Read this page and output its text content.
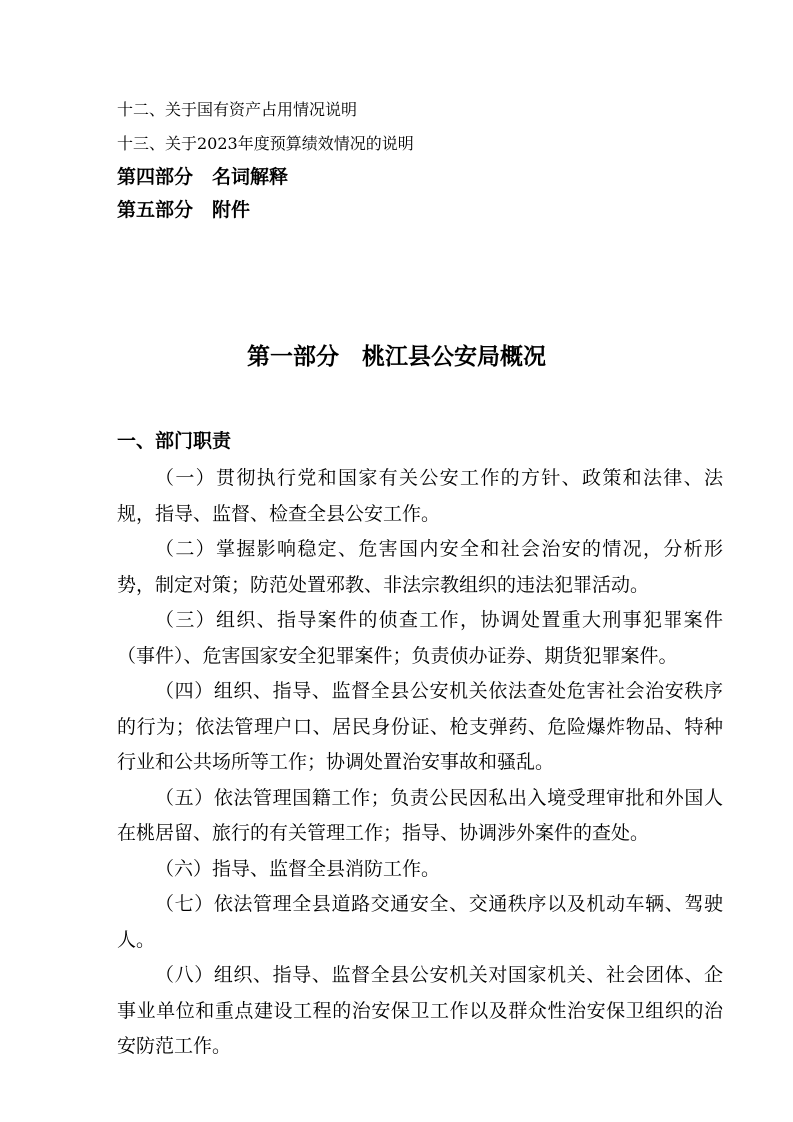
十二、关于国有资产占用情况说明

十三、关于2023年度预算绩效情况的说明

第四部分　名词解释

第五部分　附件

第一部分　桃江县公安局概况
一、部门职责

（一）贯彻执行党和国家有关公安工作的方针、政策和法律、法规，指导、监督、检查全县公安工作。

（二）掌握影响稳定、危害国内安全和社会治安的情况，分析形势，制定对策；防范处置邪教、非法宗教组织的违法犯罪活动。

（三）组织、指导案件的侦查工作，协调处置重大刑事犯罪案件（事件）、危害国家安全犯罪案件；负责侦办证券、期货犯罪案件。

（四）组织、指导、监督全县公安机关依法查处危害社会治安秩序的行为；依法管理户口、居民身份证、枪支弹药、危险爆炸物品、特种行业和公共场所等工作；协调处置治安事故和骚乱。

（五）依法管理国籍工作；负责公民因私出入境受理审批和外国人在桃居留、旅行的有关管理工作；指导、协调涉外案件的查处。

（六）指导、监督全县消防工作。

（七）依法管理全县道路交通安全、交通秩序以及机动车辆、驾驶人。

（八）组织、指导、监督全县公安机关对国家机关、社会团体、企事业单位和重点建设工程的治安保卫工作以及群众性治安保卫组织的治安防范工作。
